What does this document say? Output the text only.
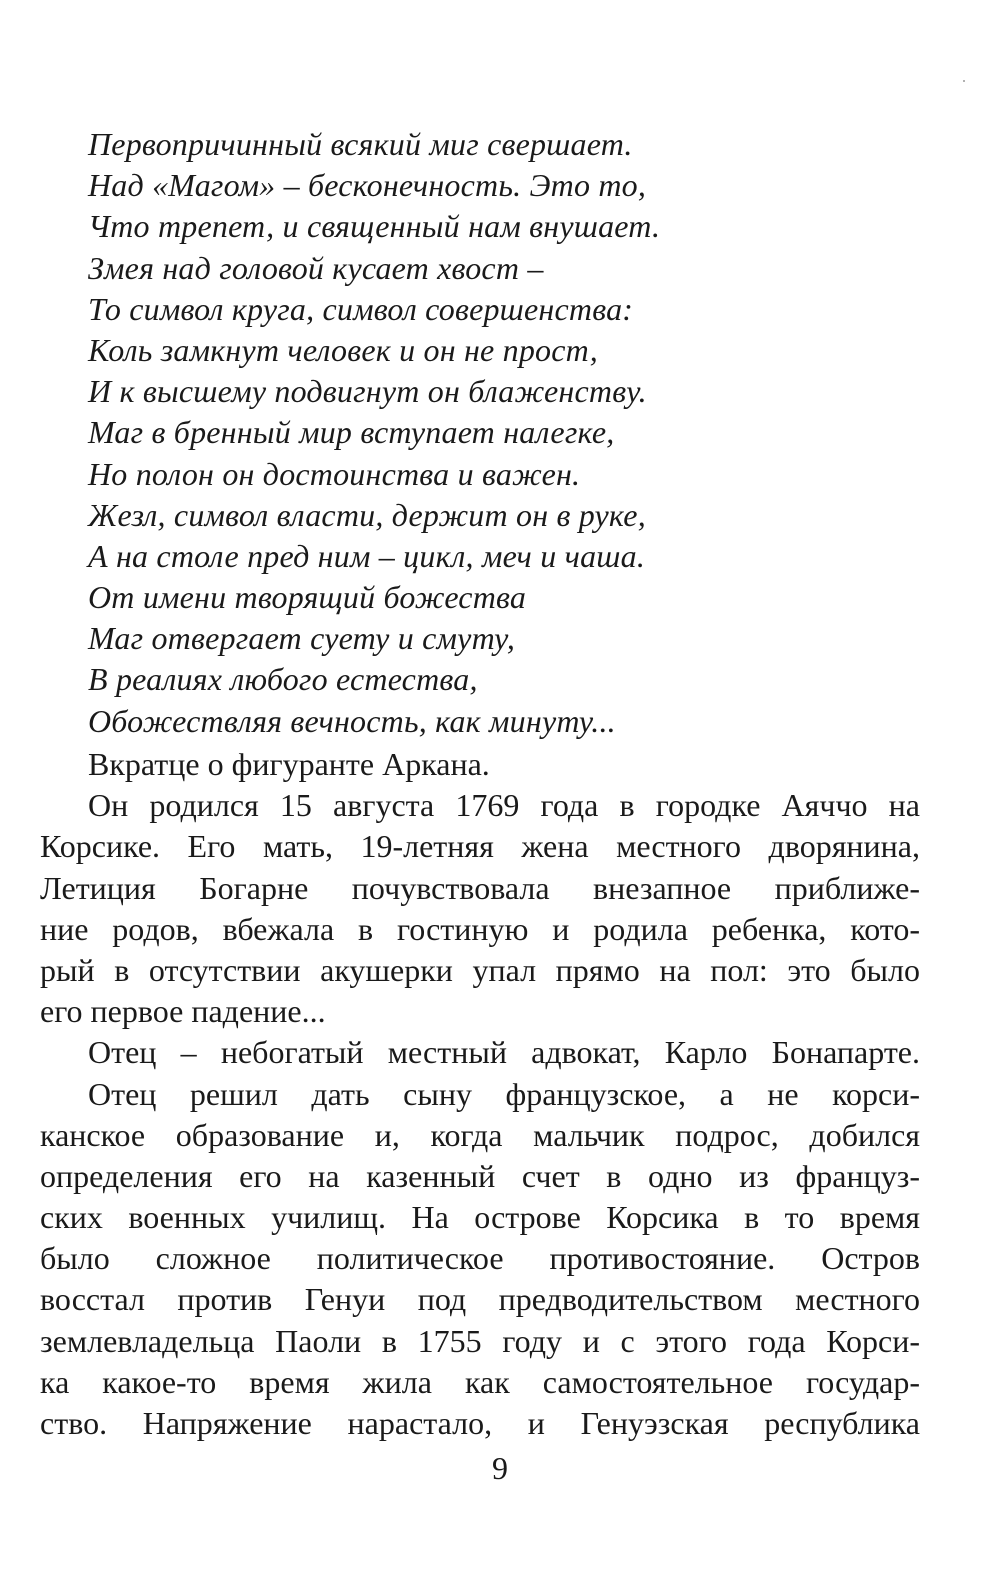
Первопричинный всякий миг свершает.
Над «Магом» – бесконечность. Это то,
Что трепет, и священный нам внушает.
Змея над головой кусает хвост –
То символ круга, символ совершенства:
Коль замкнут человек и он не прост,
И к высшему подвигнут он блаженству.
Маг в бренный мир вступает налегке,
Но полон он достоинства и важен.
Жезл, символ власти, держит он в руке,
А на столе пред ним – цикл, меч и чаша.
От имени творящий божества
Маг отвергает суету и смуту,
В реалиях любого естества,
Обожествляя вечность, как минуту...
Вкратце о фигуранте Аркана.
Он родился 15 августа 1769 года в городке Аяччо на
Корсике. Его мать, 19-летняя жена местного дворянина,
Летиция Богарне почувствовала внезапное приближе-
ние родов, вбежала в гостиную и родила ребенка, кото-
рый в отсутствии акушерки упал прямо на пол: это было
его первое падение...
Отец – небогатый местный адвокат, Карло Бонапарте.
Отец решил дать сыну французское, а не корси-
канское образование и, когда мальчик подрос, добился
определения его на казенный счет в одно из француз-
ских военных училищ. На острове Корсика в то время
было сложное политическое противостояние. Остров
восстал против Генуи под предводительством местного
землевладельца Паоли в 1755 году и с этого года Корси-
ка какое-то время жила как самостоятельное государ-
ство. Напряжение нарастало, и Генуэзская республика
9
